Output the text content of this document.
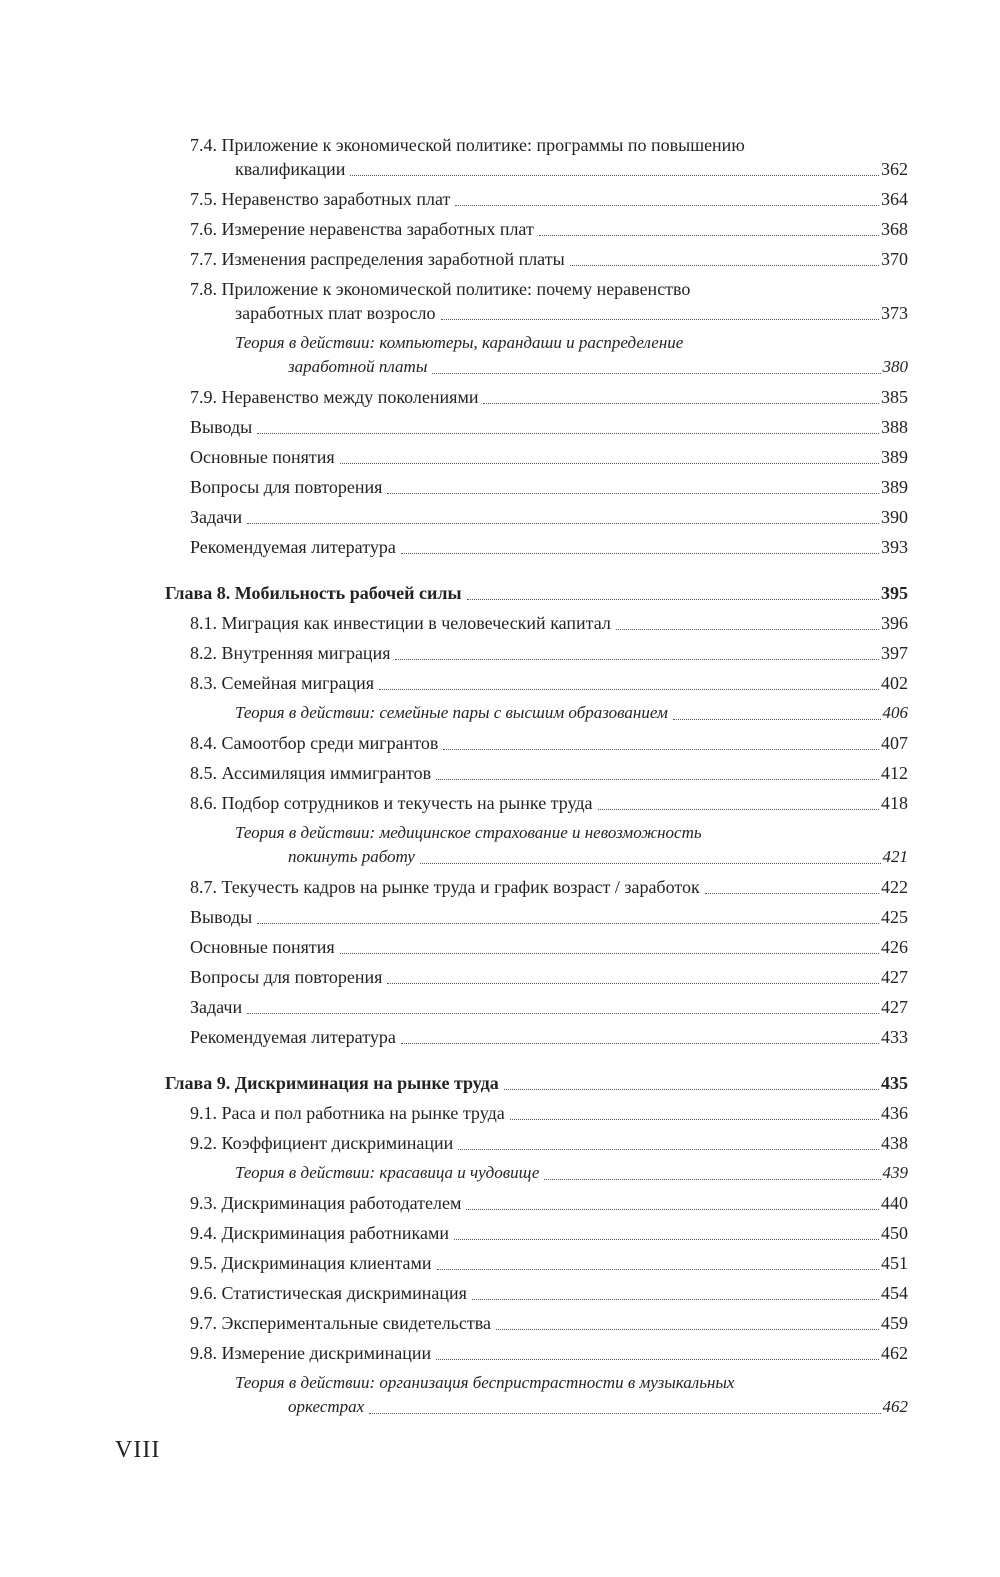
7.4. Приложение к экономической политике: программы по повышению
квалификации	362
7.5. Неравенство заработных плат	364
7.6. Измерение неравенства заработных плат	368
7.7. Изменения распределения заработной платы	370
7.8. Приложение к экономической политике: почему неравенство
заработных плат возросло	373
Теория в действии: компьютеры, карандаши и распределение
заработной платы	380
7.9. Неравенство между поколениями	385
Выводы	388
Основные понятия	389
Вопросы для повторения	389
Задачи	390
Рекомендуемая литература	393
Глава 8. Мобильность рабочей силы	395
8.1. Миграция как инвестиции в человеческий капитал	396
8.2. Внутренняя миграция	397
8.3. Семейная миграция	402
Теория в действии: семейные пары с высшим образованием	406
8.4. Самоотбор среди мигрантов	407
8.5. Ассимиляция иммигрантов	412
8.6. Подбор сотрудников и текучесть на рынке труда	418
Теория в действии: медицинское страхование и невозможность
покинуть работу	421
8.7. Текучесть кадров на рынке труда и график возраст / заработок	422
Выводы	425
Основные понятия	426
Вопросы для повторения	427
Задачи	427
Рекомендуемая литература	433
Глава 9. Дискриминация на рынке труда	435
9.1. Раса и пол работника на рынке труда	436
9.2. Коэффициент дискриминации	438
Теория в действии: красавица и чудовище	439
9.3. Дискриминация работодателем	440
9.4. Дискриминация работниками	450
9.5. Дискриминация клиентами	451
9.6. Статистическая дискриминация	454
9.7. Экспериментальные свидетельства	459
9.8. Измерение дискриминации	462
Теория в действии: организация беспристрастности в музыкальных
оркестрах	462
VIII
